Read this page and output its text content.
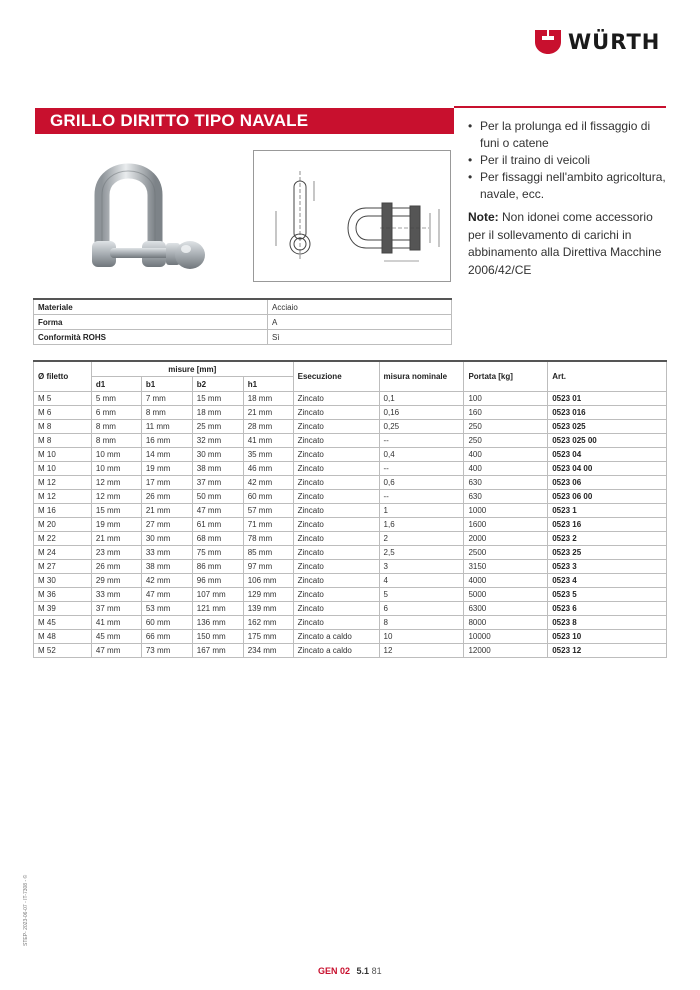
WÜRTH
GRILLO DIRITTO TIPO NAVALE	• Per la prolunga ed il fissaggio di funi o catene
• Per il traino di veicoli
• Per fissaggi nell'ambito agricoltura, navale, ecc.
Note: Non idonei come accessorio per il sollevamento di carichi in abbinamento alla Direttiva Macchine 2006/42/CE
Materiale	Acciaio
Forma	A
Conformità ROHS	Sì
Ø filetto	misure [mm]				Esecuzione	misura nominale	Portata [kg]	Art.
	d1	b1	b2	h1				
M 5	5 mm	7 mm	15 mm	18 mm	Zincato	0,1	100	0523 01
M 6	6 mm	8 mm	18 mm	21 mm	Zincato	0,16	160	0523 016
M 8	8 mm	11 mm	25 mm	28 mm	Zincato	0,25	250	0523 025
M 8	8 mm	16 mm	32 mm	41 mm	Zincato	--	250	0523 025 00
M 10	10 mm	14 mm	30 mm	35 mm	Zincato	0,4	400	0523 04
M 10	10 mm	19 mm	38 mm	46 mm	Zincato	--	400	0523 04 00
M 12	12 mm	17 mm	37 mm	42 mm	Zincato	0,6	630	0523 06
M 12	12 mm	26 mm	50 mm	60 mm	Zincato	--	630	0523 06 00
M 16	15 mm	21 mm	47 mm	57 mm	Zincato	1	1000	0523 1
M 20	19 mm	27 mm	61 mm	71 mm	Zincato	1,6	1600	0523 16
M 22	21 mm	30 mm	68 mm	78 mm	Zincato	2	2000	0523 2
M 24	23 mm	33 mm	75 mm	85 mm	Zincato	2,5	2500	0523 25
M 27	26 mm	38 mm	86 mm	97 mm	Zincato	3	3150	0523 3
M 30	29 mm	42 mm	96 mm	106 mm	Zincato	4	4000	0523 4
M 36	33 mm	47 mm	107 mm	129 mm	Zincato	5	5000	0523 5
M 39	37 mm	53 mm	121 mm	139 mm	Zincato	6	6300	0523 6
M 45	41 mm	60 mm	136 mm	162 mm	Zincato	8	8000	0523 8
M 48	45 mm	66 mm	150 mm	175 mm	Zincato a caldo	10	10000	0523 10
M 52	47 mm	73 mm	167 mm	234 mm	Zincato a caldo	12	12000	0523 12
STEP- 2023-06-07 - IT-7308 - ©
GEN 02 5.1 81
